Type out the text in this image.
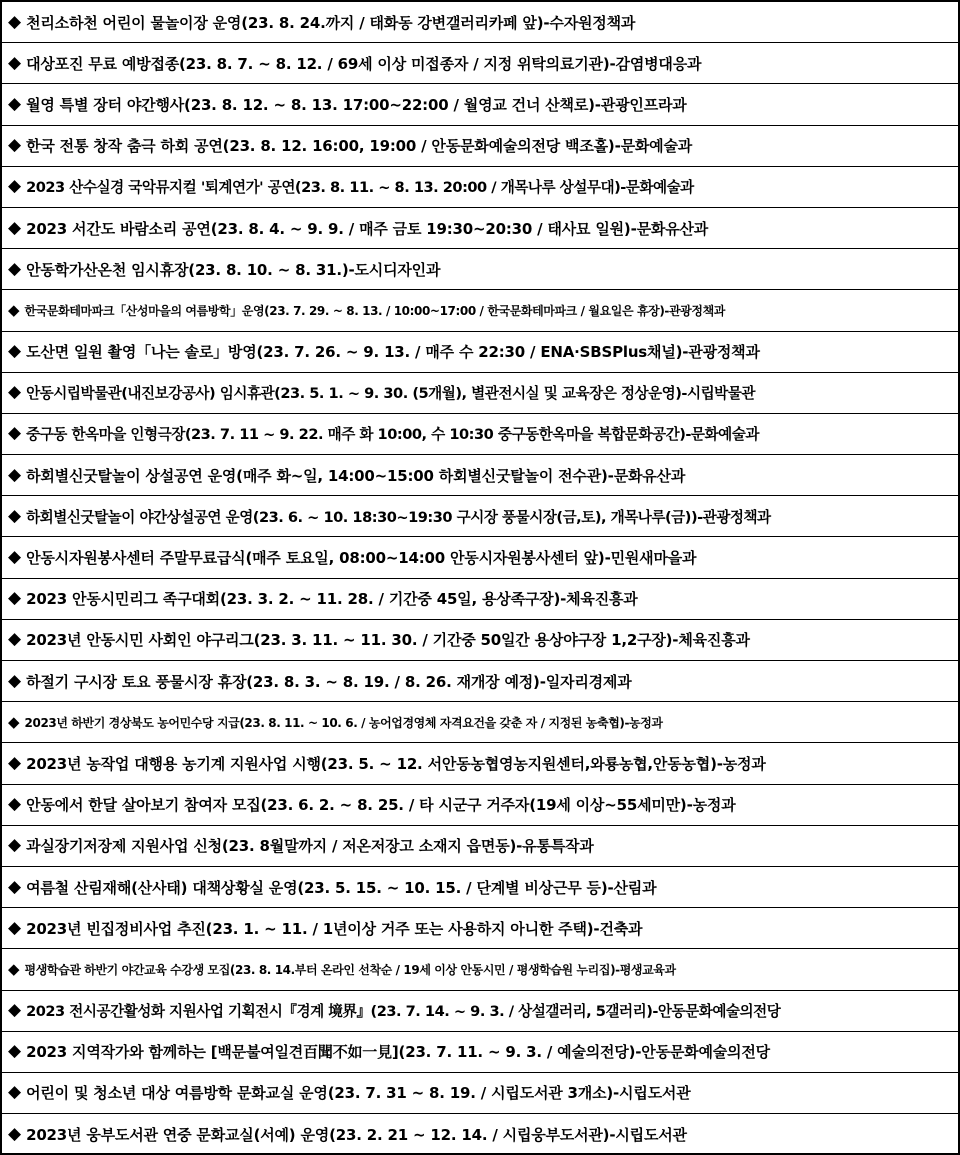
◆ 천리소하천 어린이 물놀이장 운영(23. 8. 24.까지 / 태화동 강변갤러리카페 앞)-수자원정책과
◆ 대상포진 무료 예방접종(23. 8. 7. ~ 8. 12. / 69세 이상 미접종자 / 지정 위탁의료기관)-감염병대응과
◆ 월영 특별 장터 야간행사(23. 8. 12. ~ 8. 13. 17:00~22:00 / 월영교 건너 산책로)-관광인프라과
◆ 한국 전통 창작 춤극 하회 공연(23. 8. 12. 16:00, 19:00 / 안동문화예술의전당 백조홀)-문화예술과
◆ 2023 산수실경 국악뮤지컬 '퇴계연가' 공연(23. 8. 11. ~ 8. 13. 20:00 / 개목나루 상설무대)-문화예술과
◆ 2023 서간도 바람소리 공연(23. 8. 4. ~ 9. 9. / 매주 금토 19:30~20:30 / 태사묘 일원)-문화유산과
◆ 안동학가산온천 임시휴장(23. 8. 10. ~ 8. 31.)-도시디자인과
◆ 한국문화테마파크「산성마을의 여름방학」운영(23. 7. 29. ~ 8. 13. / 10:00~17:00 / 한국문화테마파크 / 월요일은 휴장)-관광정책과
◆ 도산면 일원 촬영「나는 솔로」방영(23. 7. 26. ~ 9. 13. / 매주 수 22:30 / ENA·SBSPlus채널)-관광정책과
◆ 안동시립박물관(내진보강공사) 임시휴관(23. 5. 1. ~ 9. 30. (5개월), 별관전시실 및 교육장은 정상운영)-시립박물관
◆ 중구동 한옥마을 인형극장(23. 7. 11 ~ 9. 22. 매주 화 10:00, 수 10:30 중구동한옥마을 복합문화공간)-문화예술과
◆ 하회별신굿탈놀이 상설공연 운영(매주 화~일, 14:00~15:00 하회별신굿탈놀이 전수관)-문화유산과
◆ 하회별신굿탈놀이 야간상설공연 운영(23. 6. ~ 10. 18:30~19:30 구시장 풍물시장(금,토), 개목나루(금))-관광정책과
◆ 안동시자원봉사센터 주말무료급식(매주 토요일, 08:00~14:00 안동시자원봉사센터 앞)-민원새마을과
◆ 2023 안동시민리그 족구대회(23. 3. 2. ~ 11. 28. / 기간중 45일, 용상족구장)-체육진흥과
◆ 2023년 안동시민 사회인 야구리그(23. 3. 11. ~ 11. 30. / 기간중 50일간 용상야구장 1,2구장)-체육진흥과
◆ 하절기 구시장 토요 풍물시장 휴장(23. 8. 3. ~ 8. 19. / 8. 26. 재개장 예정)-일자리경제과
◆ 2023년 하반기 경상북도 농어민수당 지급(23. 8. 11. ~ 10. 6. / 농어업경영체 자격요건을 갖춘 자 / 지정된 농축협)-농정과
◆ 2023년 농작업 대행용 농기계 지원사업 시행(23. 5. ~ 12. 서안동농협영농지원센터,와룡농협,안동농협)-농정과
◆ 안동에서 한달 살아보기 참여자 모집(23. 6. 2. ~ 8. 25. / 타 시군구 거주자(19세 이상~55세미만)-농정과
◆ 과실장기저장제 지원사업 신청(23. 8월말까지 / 저온저장고 소재지 읍면동)-유통특작과
◆ 여름철 산림재해(산사태) 대책상황실 운영(23. 5. 15. ~ 10. 15. / 단계별 비상근무 등)-산림과
◆ 2023년 빈집정비사업 추진(23. 1. ~ 11. / 1년이상 거주 또는 사용하지 아니한 주택)-건축과
◆ 평생학습관 하반기 야간교육 수강생 모집(23. 8. 14.부터 온라인 선착순 / 19세 이상 안동시민 / 평생학습원 누리집)-평생교육과
◆ 2023 전시공간활성화 지원사업 기획전시『경계 境界』(23. 7. 14. ~ 9. 3. / 상설갤러리, 5갤러리)-안동문화예술의전당
◆ 2023 지역작가와 함께하는 [백문불여일견百聞不如一見](23. 7. 11. ~ 9. 3. / 예술의전당)-안동문화예술의전당
◆ 어린이 및 청소년 대상 여름방학 문화교실 운영(23. 7. 31 ~ 8. 19. / 시립도서관 3개소)-시립도서관
◆ 2023년 웅부도서관 연중 문화교실(서예) 운영(23. 2. 21 ~ 12. 14. / 시립웅부도서관)-시립도서관
